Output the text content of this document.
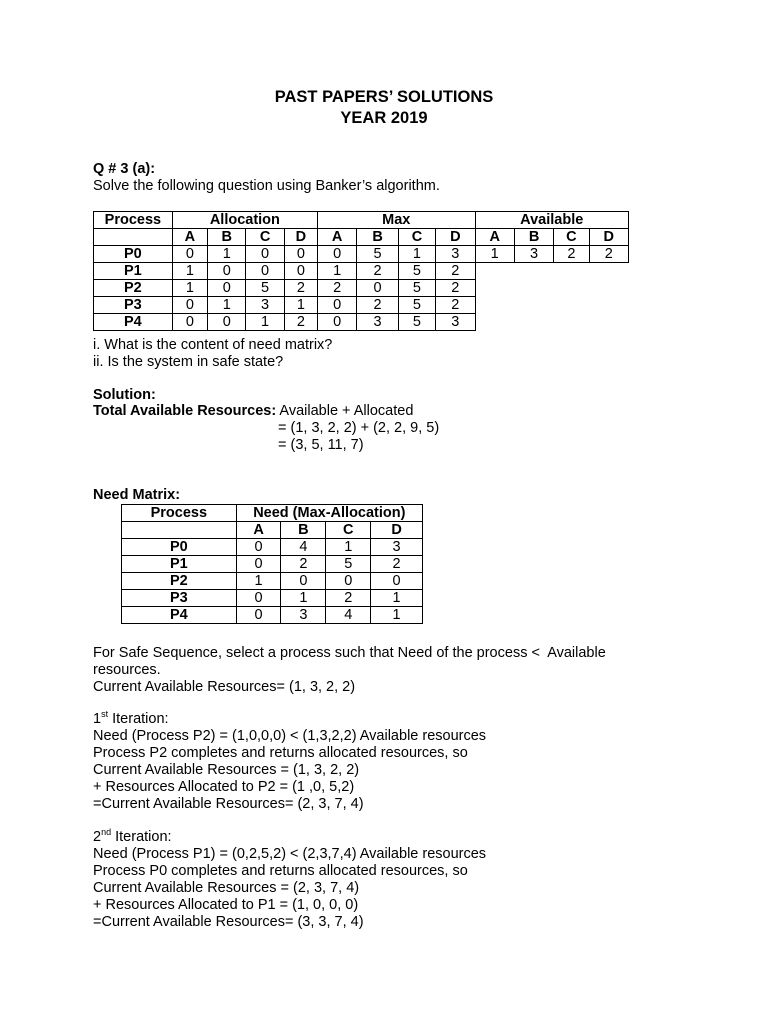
PAST PAPERS’ SOLUTIONS
YEAR 2019
Q # 3 (a):
Solve the following question using Banker’s algorithm.
Process	Allocation				Max				Available			
	A	B	C	D	A	B	C	D	A	B	C	D
P0	0	1	0	0	0	5	1	3	1	3	2	2
P1	1	0	0	0	1	2	5	2				
P2	1	0	5	2	2	0	5	2				
P3	0	1	3	1	0	2	5	2				
P4	0	0	1	2	0	3	5	3				
i. What is the content of need matrix?
ii. Is the system in safe state?
Solution:
Total Available Resources: Available + Allocated
= (1, 3, 2, 2) + (2, 2, 9, 5)
= (3, 5, 11, 7)
Need Matrix:
Process	Need (Max-Allocation)			
	A	B	C	D
P0	0	4	1	3
P1	0	2	5	2
P2	1	0	0	0
P3	0	1	2	1
P4	0	3	4	1
For Safe Sequence, select a process such that Need of the process <  Available
resources.
Current Available Resources= (1, 3, 2, 2)
1st Iteration:
Need (Process P2) = (1,0,0,0) < (1,3,2,2) Available resources
Process P2 completes and returns allocated resources, so
Current Available Resources = (1, 3, 2, 2)
+ Resources Allocated to P2 = (1 ,0, 5,2)
=Current Available Resources= (2, 3, 7, 4)
2nd Iteration:
Need (Process P1) = (0,2,5,2) < (2,3,7,4) Available resources
Process P0 completes and returns allocated resources, so
Current Available Resources = (2, 3, 7, 4)
+ Resources Allocated to P1 = (1, 0, 0, 0)
=Current Available Resources= (3, 3, 7, 4)
